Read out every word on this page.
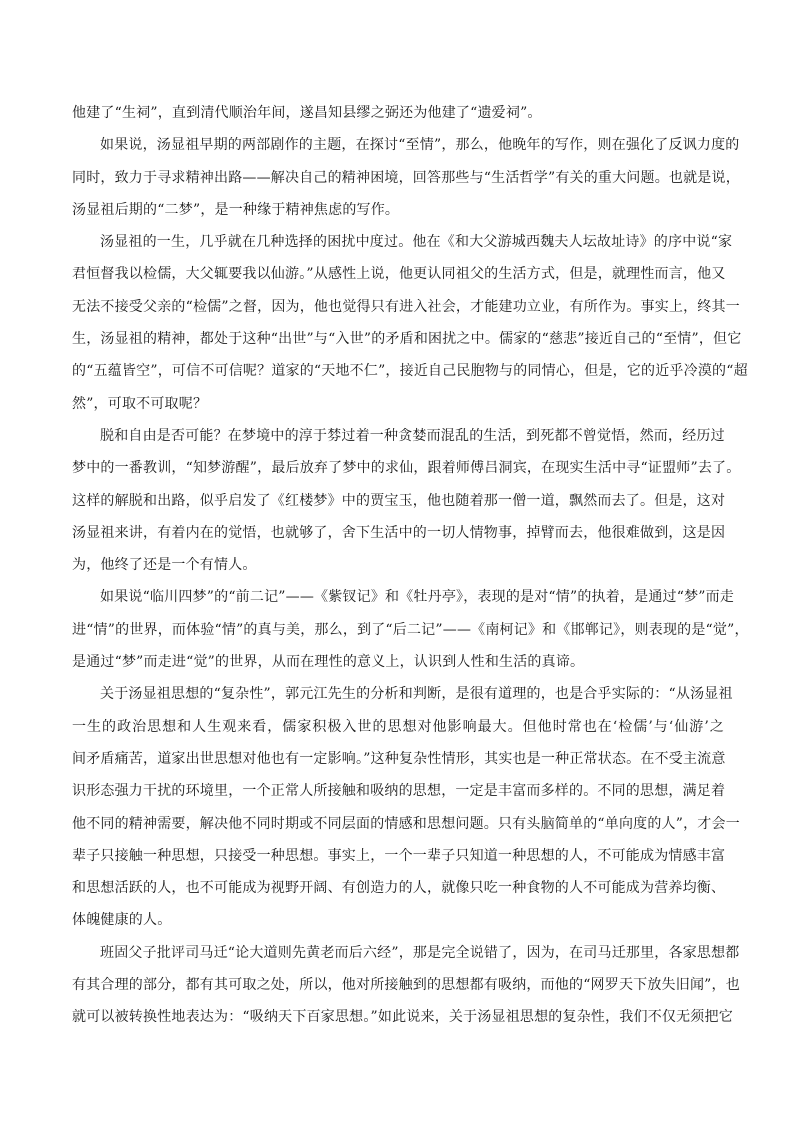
他建了“生祠”，直到清代顺治年间，遂昌知县缪之弼还为他建了“遗爱祠”。
如果说，汤显祖早期的两部剧作的主题，在探讨“至情”，那么，他晚年的写作，则在强化了反讽力度的
同时，致力于寻求精神出路——解决自己的精神困境，回答那些与“生活哲学”有关的重大问题。也就是说，
汤显祖后期的“二梦”，是一种缘于精神焦虑的写作。
汤显祖的一生，几乎就在几种选择的困扰中度过。他在《和大父游城西魏夫人坛故址诗》的序中说“家
君恒督我以检儒，大父辄要我以仙游。”从感性上说，他更认同祖父的生活方式，但是，就理性而言，他又
无法不接受父亲的“检儒”之督，因为，他也觉得只有进入社会，才能建功立业，有所作为。事实上，终其一
生，汤显祖的精神，都处于这种“出世”与“入世”的矛盾和困扰之中。儒家的“慈悲”接近自己的“至情”，但它
的“五蕴皆空”，可信不可信呢？道家的“天地不仁”，接近自己民胞物与的同情心，但是，它的近乎冷漠的“超
然”，可取不可取呢？
脱和自由是否可能？在梦境中的淳于棼过着一种贪婪而混乱的生活，到死都不曾觉悟，然而，经历过
梦中的一番教训，“知梦游醒”，最后放弃了梦中的求仙，跟着师傅吕洞宾，在现实生活中寻“证盟师”去了。
这样的解脱和出路，似乎启发了《红楼梦》中的贾宝玉，他也随着那一僧一道，飘然而去了。但是，这对
汤显祖来讲，有着内在的觉悟，也就够了，舍下生活中的一切人情物事，掉臂而去，他很难做到，这是因
为，他终了还是一个有情人。
如果说“临川四梦”的“前二记”——《紫钗记》和《牡丹亭》，表现的是对“情”的执着，是通过“梦”而走
进“情”的世界，而体验“情”的真与美，那么，到了“后二记”——《南柯记》和《邯郸记》，则表现的是“觉”，
是通过“梦”而走进“觉”的世界，从而在理性的意义上，认识到人性和生活的真谛。
关于汤显祖思想的“复杂性”，郭元江先生的分析和判断，是很有道理的，也是合乎实际的：“从汤显祖
一生的政治思想和人生观来看，儒家积极入世的思想对他影响最大。但他时常也在‘检儒’与‘仙游’之
间矛盾痛苦，道家出世思想对他也有一定影响。”这种复杂性情形，其实也是一种正常状态。在不受主流意
识形态强力干扰的环境里，一个正常人所接触和吸纳的思想，一定是丰富而多样的。不同的思想，满足着
他不同的精神需要，解决他不同时期或不同层面的情感和思想问题。只有头脑简单的“单向度的人”，才会一
辈子只接触一种思想，只接受一种思想。事实上，一个一辈子只知道一种思想的人，不可能成为情感丰富
和思想活跃的人，也不可能成为视野开阔、有创造力的人，就像只吃一种食物的人不可能成为营养均衡、
体魄健康的人。
班固父子批评司马迁“论大道则先黄老而后六经”，那是完全说错了，因为，在司马迁那里，各家思想都
有其合理的部分，都有其可取之处，所以，他对所接触到的思想都有吸纳，而他的“网罗天下放失旧闻”，也
就可以被转换性地表达为：“吸纳天下百家思想。”如此说来，关于汤显祖思想的复杂性，我们不仅无须把它
